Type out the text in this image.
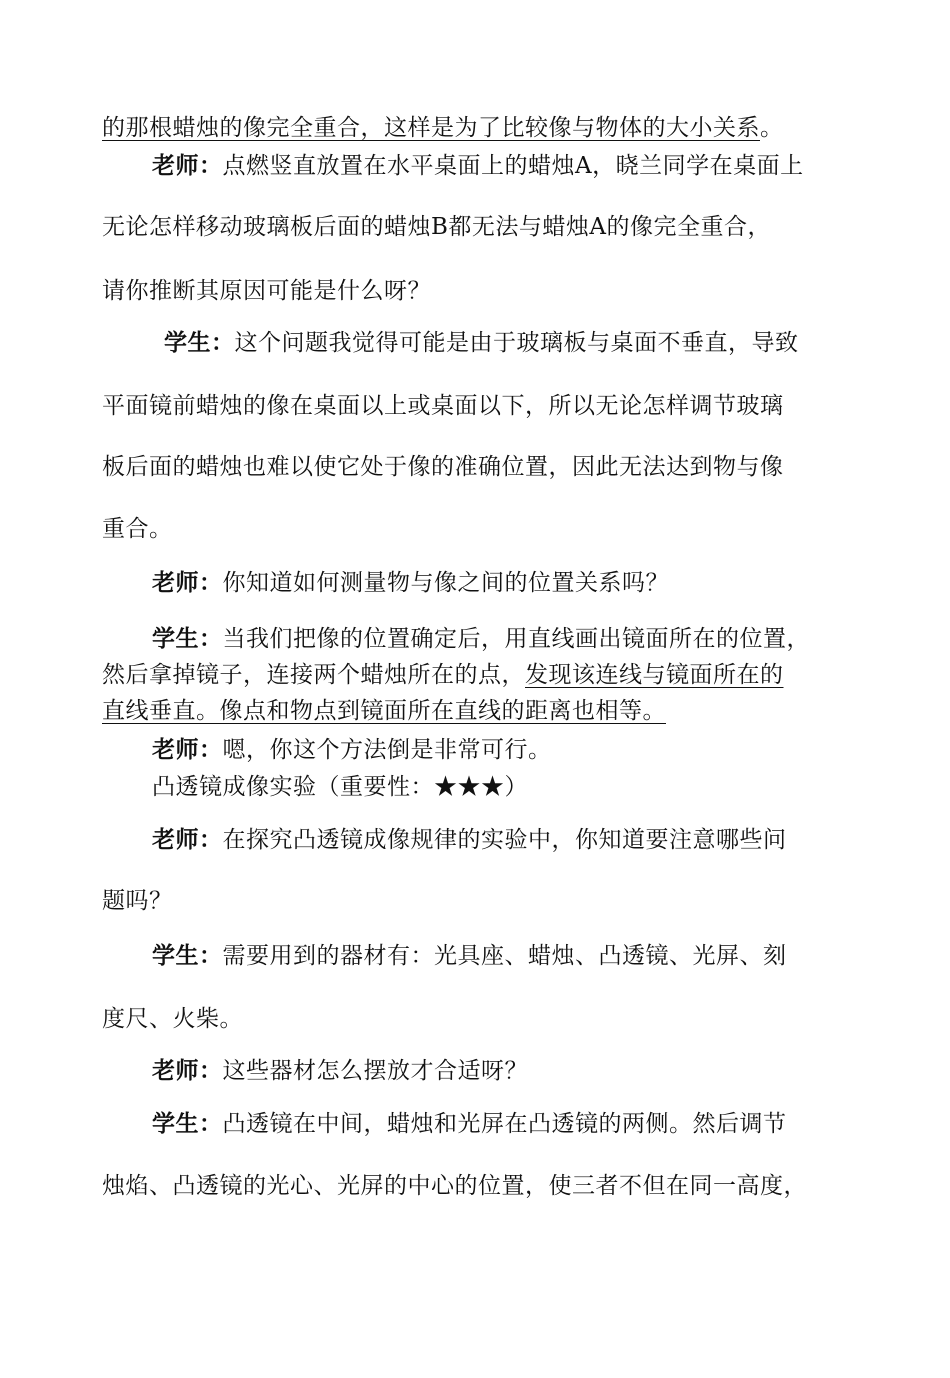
的那根蜡烛的像完全重合，这样是为了比较像与物体的大小关系。
老师：点燃竖直放置在水平桌面上的蜡烛A，晓兰同学在桌面上
无论怎样移动玻璃板后面的蜡烛B都无法与蜡烛A的像完全重合，
请你推断其原因可能是什么呀？
学生：这个问题我觉得可能是由于玻璃板与桌面不垂直，导致
平面镜前蜡烛的像在桌面以上或桌面以下，所以无论怎样调节玻璃
板后面的蜡烛也难以使它处于像的准确位置，因此无法达到物与像
重合。
老师：你知道如何测量物与像之间的位置关系吗？
学生：当我们把像的位置确定后，用直线画出镜面所在的位置，
然后拿掉镜子，连接两个蜡烛所在的点，发现该连线与镜面所在的
直线垂直。像点和物点到镜面所在直线的距离也相等。
老师：嗯，你这个方法倒是非常可行。
凸透镜成像实验（重要性：★★★）
老师：在探究凸透镜成像规律的实验中，你知道要注意哪些问
题吗？
学生：需要用到的器材有：光具座、蜡烛、凸透镜、光屏、刻
度尺、火柴。
老师：这些器材怎么摆放才合适呀？
学生：凸透镜在中间，蜡烛和光屏在凸透镜的两侧。然后调节
烛焰、凸透镜的光心、光屏的中心的位置，使三者不但在同一高度，
